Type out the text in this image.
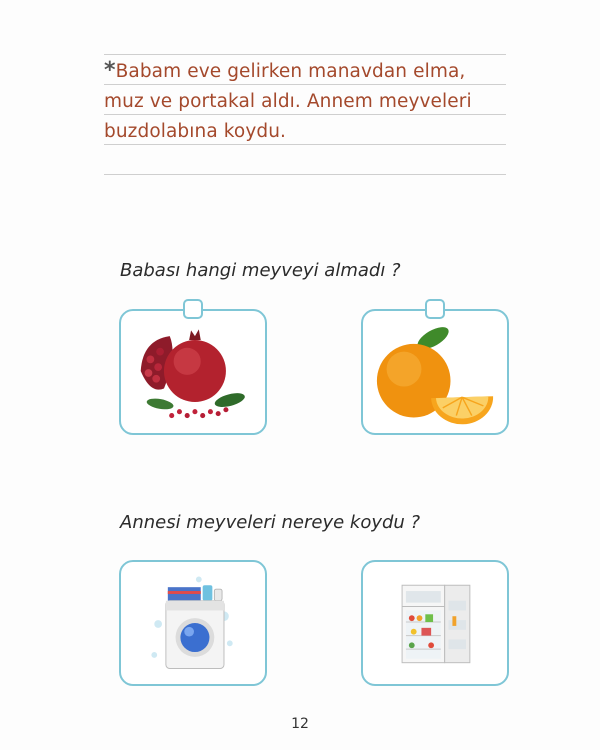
*Babam eve gelirken manavdan elma,
muz ve portakal aldı. Annem meyveleri
buzdolabına koydu.
Babası hangi meyveyi almadı ?
Annesi meyveleri nereye koydu ?
12
